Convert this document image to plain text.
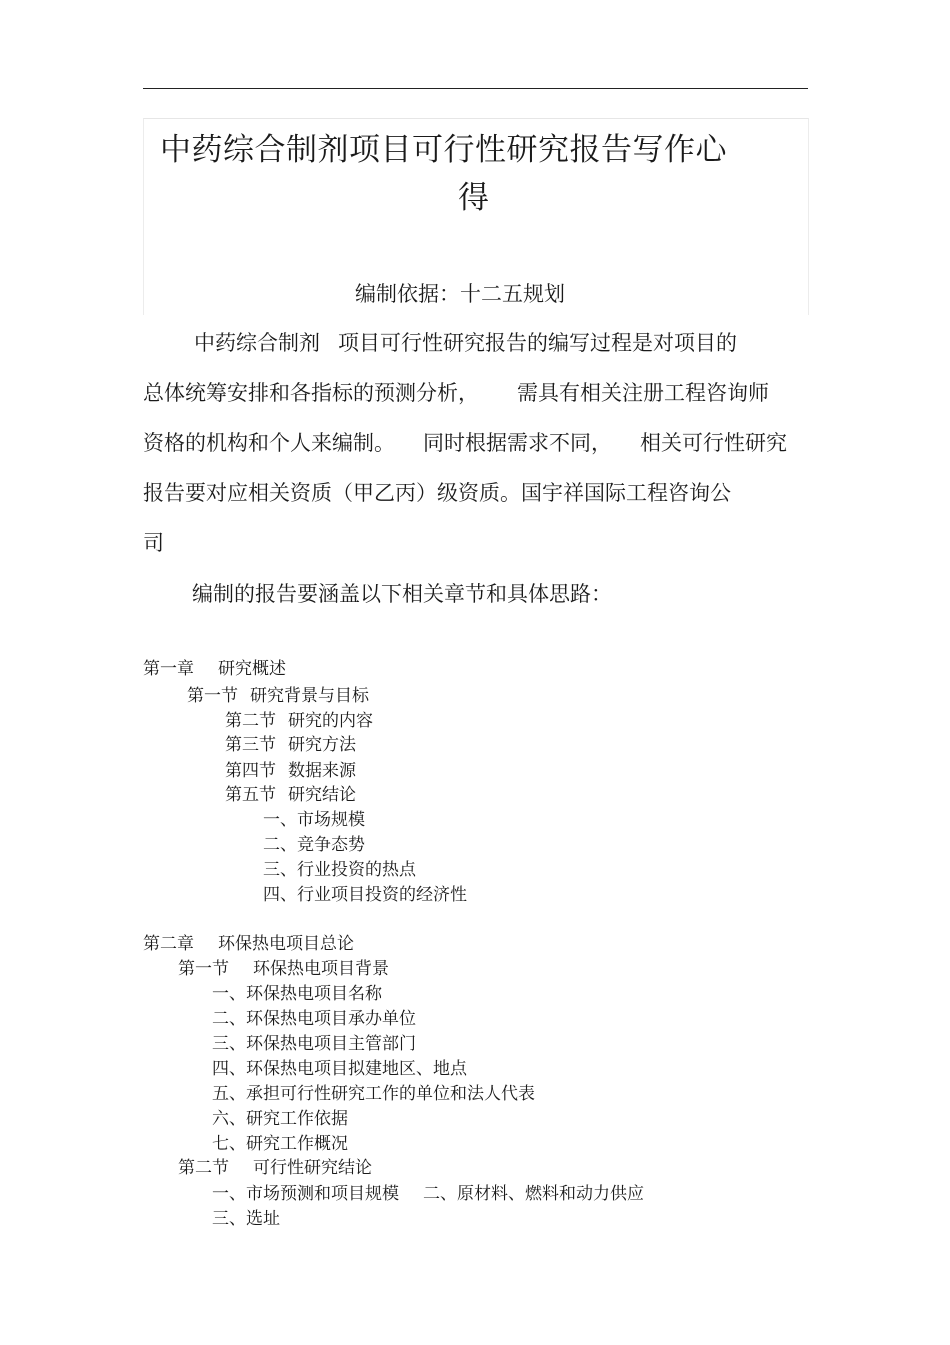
中药综合制剂项目可行性研究报告写作心
得
编制依据：十二五规划
中药综合制剂 项目可行性研究报告的编写过程是对项目的
总体统筹安排和各指标的预测分析， 需具有相关注册工程咨询师
资格的机构和个人来编制。 同时根据需求不同， 相关可行性研究
报告要对应相关资质（甲乙丙）级资质。国宇祥国际工程咨询公
司
编制的报告要涵盖以下相关章节和具体思路：
第一章 研究概述
第一节 研究背景与目标
第二节 研究的内容
第三节 研究方法
第四节 数据来源
第五节 研究结论
一、市场规模
二、竞争态势
三、行业投资的热点
四、行业项目投资的经济性
第二章 环保热电项目总论
第一节 环保热电项目背景
一、环保热电项目名称
二、环保热电项目承办单位
三、环保热电项目主管部门
四、环保热电项目拟建地区、地点
五、承担可行性研究工作的单位和法人代表
六、研究工作依据
七、研究工作概况
第二节 可行性研究结论
一、市场预测和项目规模 二、原材料、燃料和动力供应
三、选址
